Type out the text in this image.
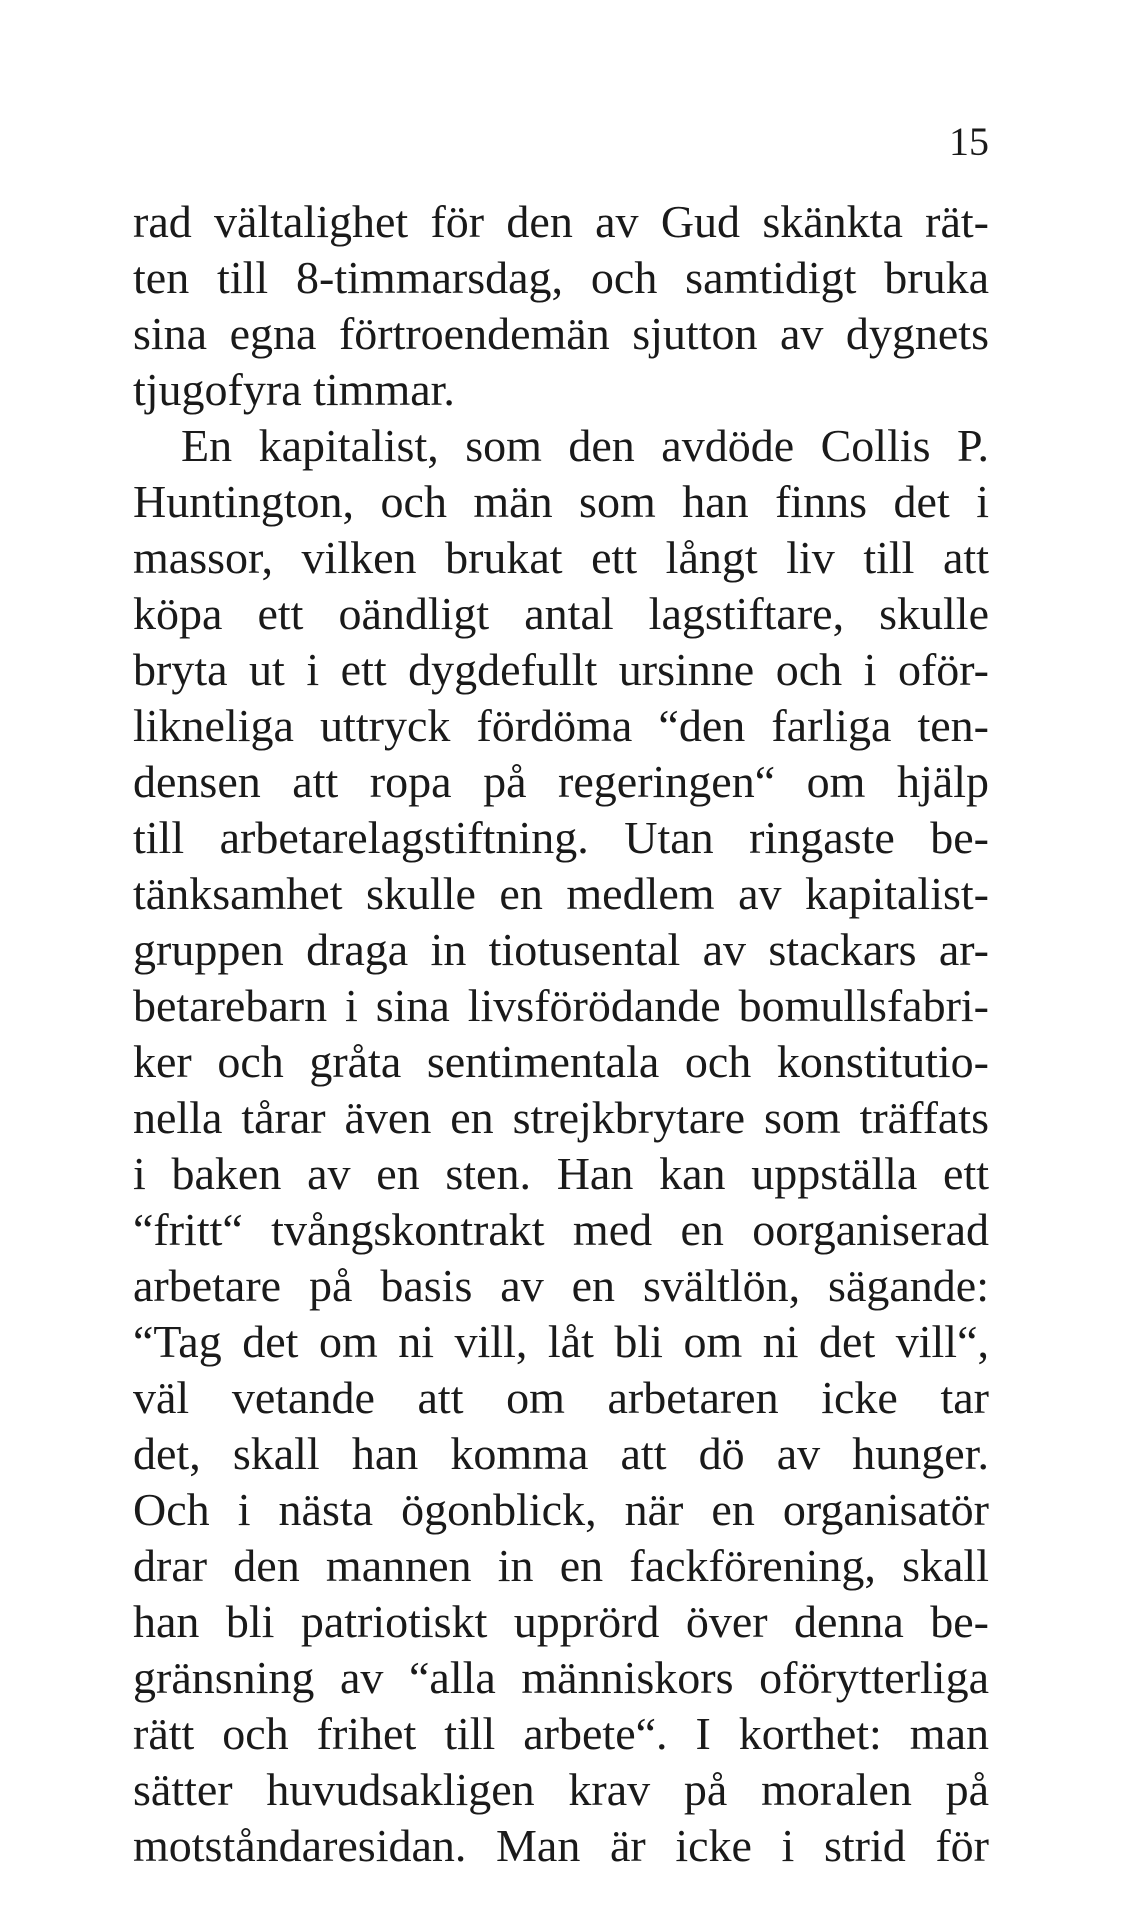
15
rad vältalighet för den av Gud skänkta rät-
ten till 8-timmarsdag, och samtidigt bruka
sina egna förtroendemän sjutton av dygnets
tjugofyra timmar.
En kapitalist, som den avdöde Collis P.
Huntington, och män som han finns det i
massor, vilken brukat ett långt liv till att
köpa ett oändligt antal lagstiftare, skulle
bryta ut i ett dygdefullt ursinne och i oför-
likneliga uttryck fördöma “den farliga ten-
densen att ropa på regeringen“ om hjälp
till arbetarelagstiftning. Utan ringaste be-
tänksamhet skulle en medlem av kapitalist-
gruppen draga in tiotusental av stackars ar-
betarebarn i sina livsförödande bomullsfabri-
ker och gråta sentimentala och konstitutio-
nella tårar även en strejkbrytare som träffats
i baken av en sten. Han kan uppställa ett
“fritt“ tvångskontrakt med en oorganiserad
arbetare på basis av en svältlön, sägande:
“Tag det om ni vill, låt bli om ni det vill“,
väl vetande att om arbetaren icke tar
det, skall han komma att dö av hunger.
Och i nästa ögonblick, när en organisatör
drar den mannen in en fackförening, skall
han bli patriotiskt upprörd över denna be-
gränsning av “alla människors oförytterliga
rätt och frihet till arbete“. I korthet: man
sätter huvudsakligen krav på moralen på
motståndaresidan. Man är icke i strid för
